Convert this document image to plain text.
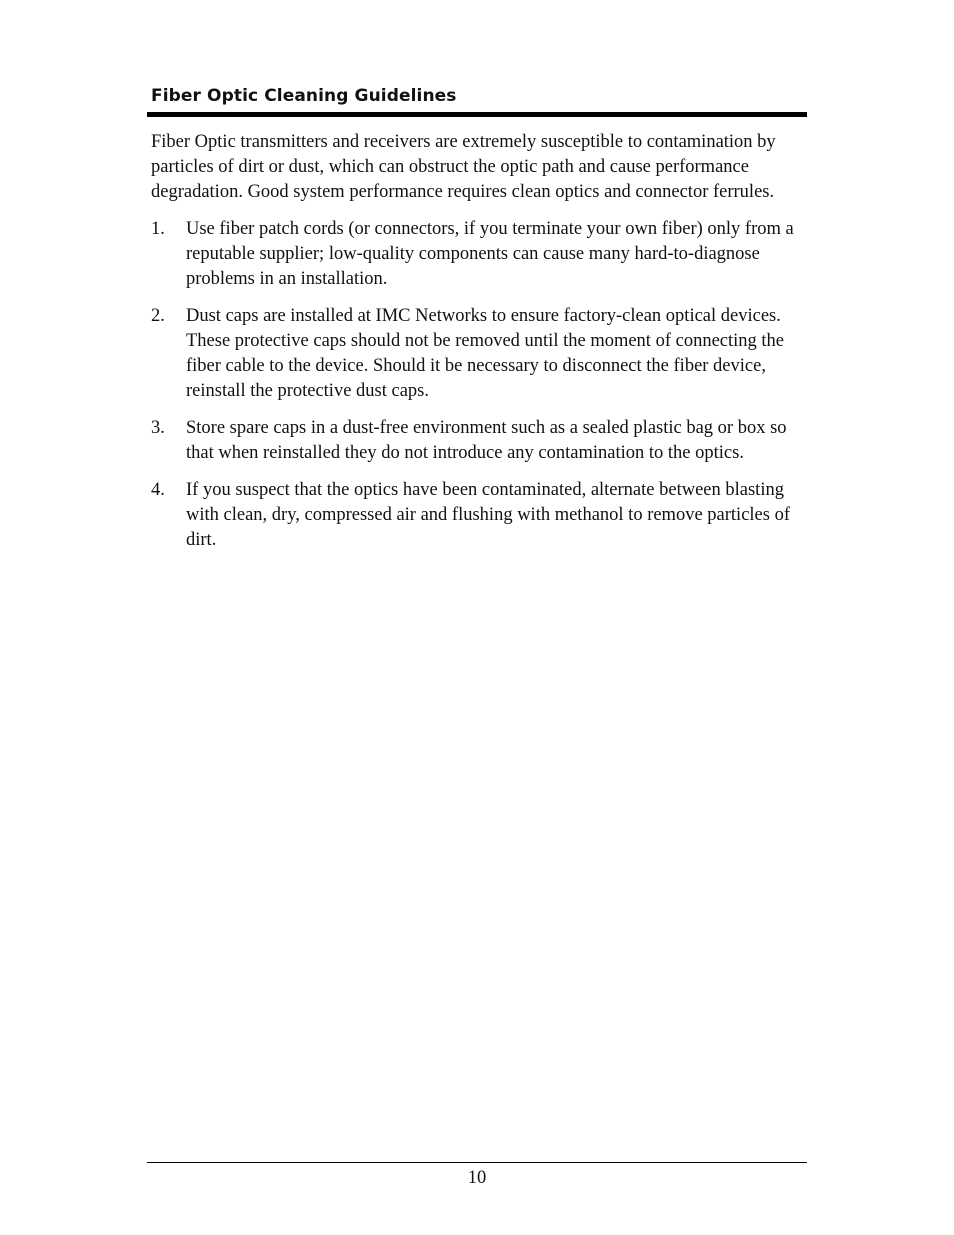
Fiber Optic Cleaning Guidelines

Fiber Optic transmitters and receivers are extremely susceptible to contamination by particles of dirt or dust, which can obstruct the optic path and cause performance degradation. Good system performance requires clean optics and connector ferrules.

1. Use fiber patch cords (or connectors, if you terminate your own fiber) only from a reputable supplier; low-quality components can cause many hard-to-diagnose problems in an installation.
2. Dust caps are installed at IMC Networks to ensure factory-clean optical devices. These protective caps should not be removed until the moment of connecting the fiber cable to the device. Should it be necessary to disconnect the fiber device, reinstall the protective dust caps.
3. Store spare caps in a dust-free environment such as a sealed plastic bag or box so that when reinstalled they do not introduce any contamination to the optics.
4. If you suspect that the optics have been contaminated, alternate between blasting with clean, dry, compressed air and flushing with methanol to remove particles of dirt.
10
